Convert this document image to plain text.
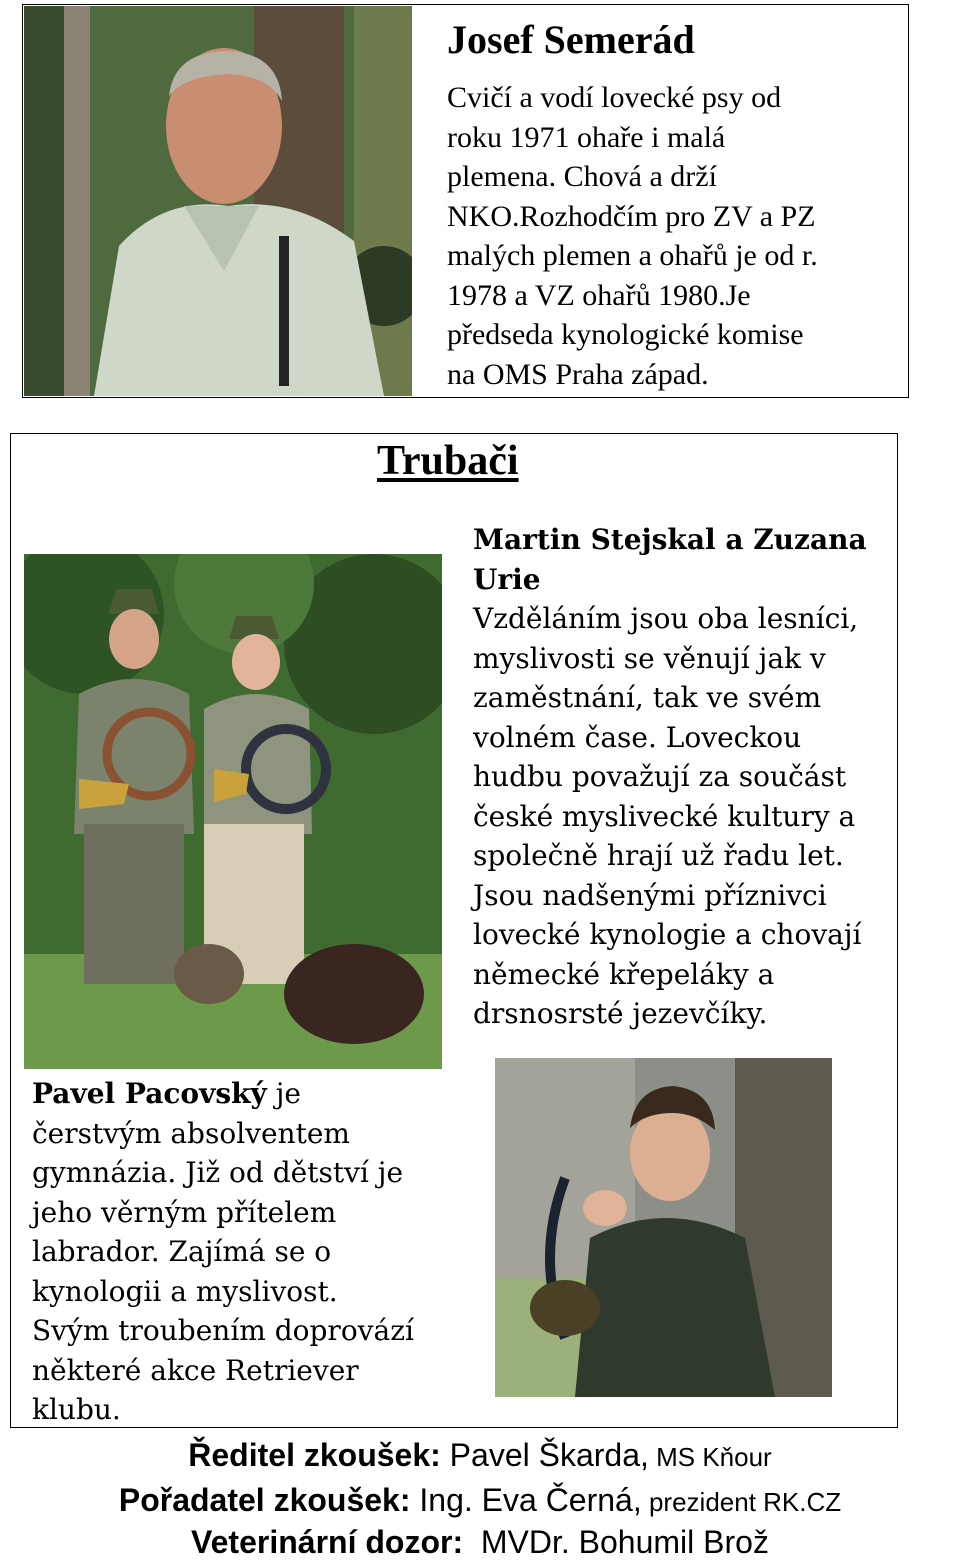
Josef Semerád
Cvičí a vodí lovecké psy od
roku 1971 ohaře i malá
plemena. Chová a drží
NKO.Rozhodčím pro ZV a PZ
malých plemen a ohařů je od r.
1978 a VZ ohařů 1980.Je
předseda kynologické komise
na OMS Praha západ.
Trubači
Martin Stejskal a Zuzana
Urie
Vzděláním jsou oba lesníci,
myslivosti se věnují jak v
zaměstnání, tak ve svém
volném čase. Loveckou
hudbu považují za součást
české myslivecké kultury a
společně hrají už řadu let.
Jsou nadšenými příznivci
lovecké kynologie a chovají
německé křepeláky a
drsnosrsté jezevčíky.
Pavel Pacovský je
čerstvým absolventem
gymnázia. Již od dětství je
jeho věrným přítelem
labrador. Zajímá se o
kynologii a myslivost.
Svým troubením doprovází
některé akce Retriever
klubu.
Ředitel zkoušek: Pavel Škarda, MS Kňour
Pořadatel zkoušek: Ing. Eva Černá, prezident RK.CZ
Veterinární dozor:  MVDr. Bohumil Brož
